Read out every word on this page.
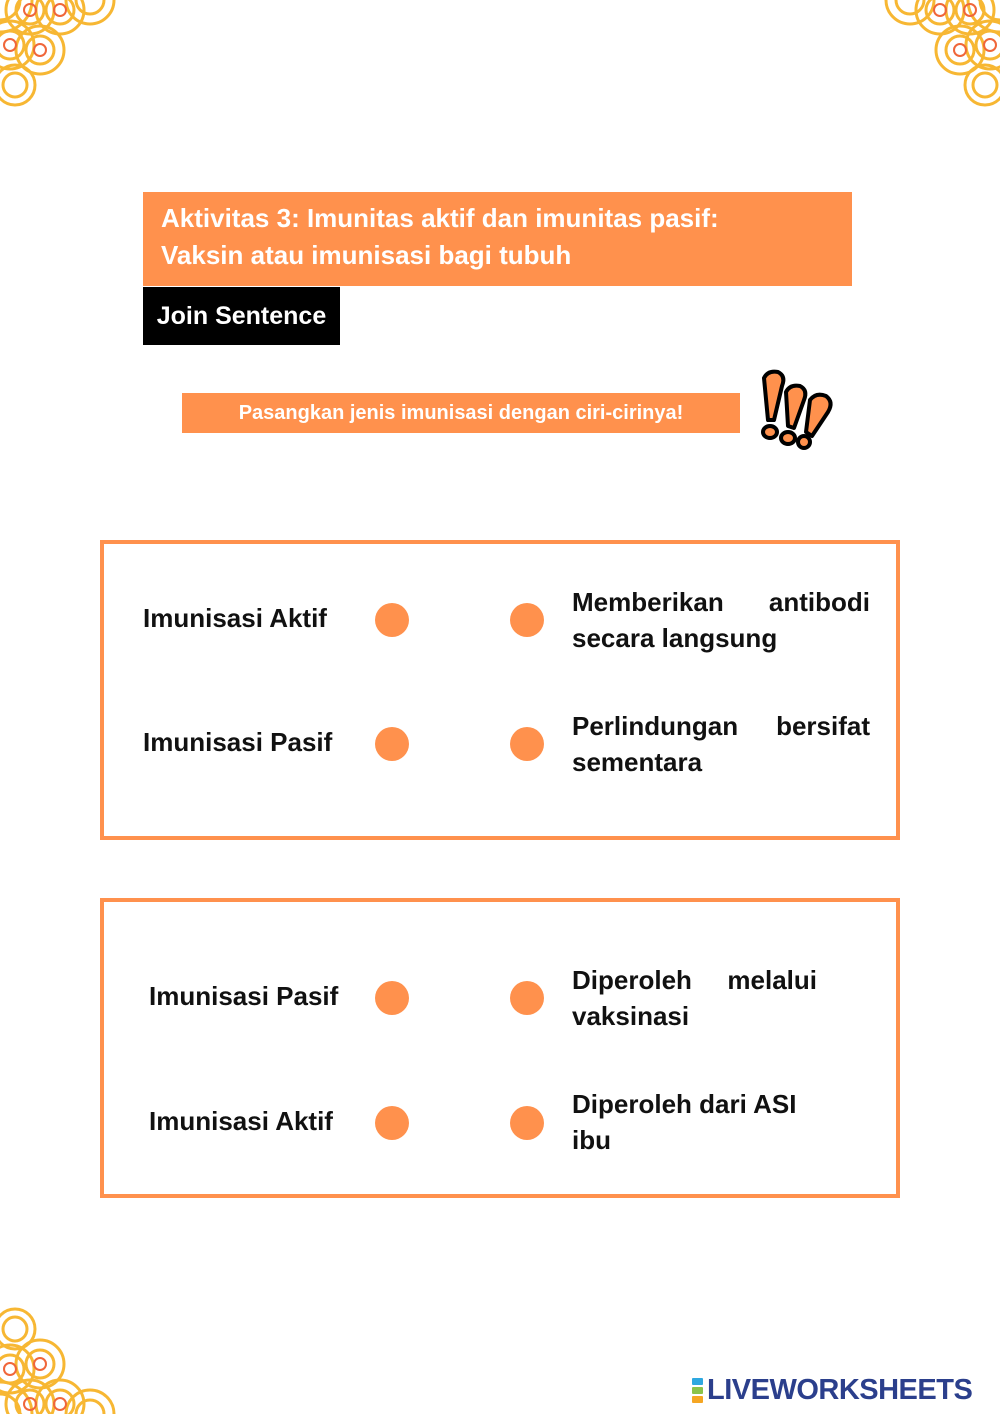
Aktivitas 3: Imunitas aktif dan imunitas pasif:
Vaksin atau imunisasi bagi tubuh
Join Sentence
Pasangkan jenis imunisasi dengan ciri-cirinya!
Imunisasi Aktif
Memberikan antibodi
secara langsung
Imunisasi Pasif
Perlindungan bersifat
sementara
Imunisasi Pasif
Diperoleh melalui
vaksinasi
Imunisasi Aktif
Diperoleh dari ASI
ibu
LIVEWORKSHEETS
